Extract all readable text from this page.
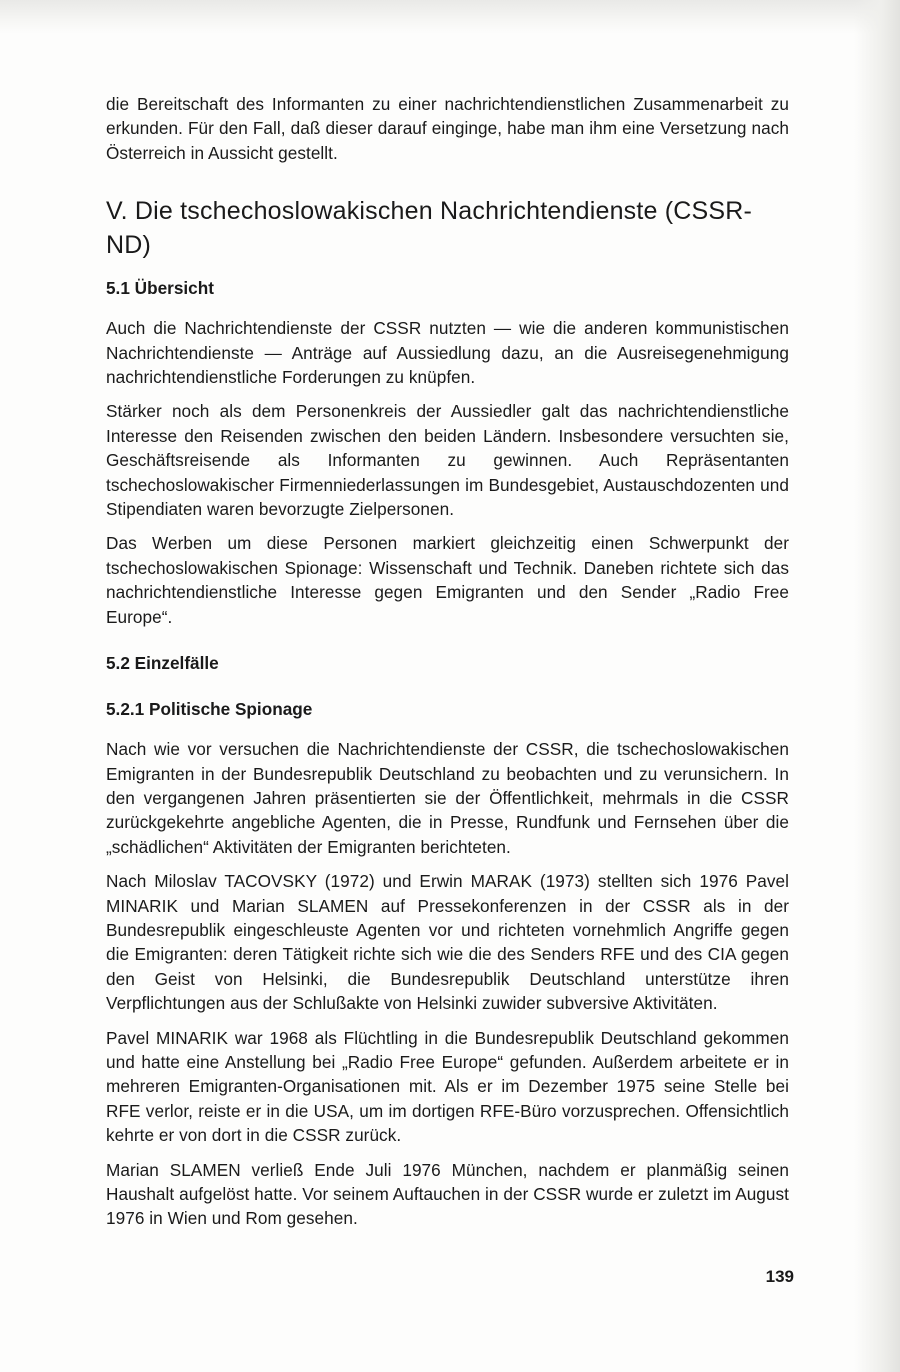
die Bereitschaft des Informanten zu einer nachrichtendienstlichen Zusammenarbeit zu erkunden. Für den Fall, daß dieser darauf einginge, habe man ihm eine Versetzung nach Österreich in Aussicht gestellt.

V. Die tschechoslowakischen Nachrichtendienste (CSSR-ND)
5.1 Übersicht

Auch die Nachrichtendienste der CSSR nutzten — wie die anderen kommunistischen Nachrichtendienste — Anträge auf Aussiedlung dazu, an die Ausreisegenehmigung nachrichtendienstliche Forderungen zu knüpfen.

Stärker noch als dem Personenkreis der Aussiedler galt das nachrichtendienstliche Interesse den Reisenden zwischen den beiden Ländern. Insbesondere versuchten sie, Geschäftsreisende als Informanten zu gewinnen. Auch Repräsentanten tschechoslowakischer Firmenniederlassungen im Bundesgebiet, Austauschdozenten und Stipendiaten waren bevorzugte Zielpersonen.

Das Werben um diese Personen markiert gleichzeitig einen Schwerpunkt der tschechoslowakischen Spionage: Wissenschaft und Technik. Daneben richtete sich das nachrichtendienstliche Interesse gegen Emigranten und den Sender „Radio Free Europe“.

5.2 Einzelfälle
5.2.1 Politische Spionage

Nach wie vor versuchen die Nachrichtendienste der CSSR, die tschechoslowakischen Emigranten in der Bundesrepublik Deutschland zu beobachten und zu verunsichern. In den vergangenen Jahren präsentierten sie der Öffentlichkeit, mehrmals in die CSSR zurückgekehrte angebliche Agenten, die in Presse, Rundfunk und Fernsehen über die „schädlichen“ Aktivitäten der Emigranten berichteten.

Nach Miloslav TACOVSKY (1972) und Erwin MARAK (1973) stellten sich 1976 Pavel MINARIK und Marian SLAMEN auf Pressekonferenzen in der CSSR als in der Bundesrepublik eingeschleuste Agenten vor und richteten vornehmlich Angriffe gegen die Emigranten: deren Tätigkeit richte sich wie die des Senders RFE und des CIA gegen den Geist von Helsinki, die Bundesrepublik Deutschland unterstütze ihren Verpflichtungen aus der Schlußakte von Helsinki zuwider subversive Aktivitäten.

Pavel MINARIK war 1968 als Flüchtling in die Bundesrepublik Deutschland gekommen und hatte eine Anstellung bei „Radio Free Europe“ gefunden. Außerdem arbeitete er in mehreren Emigranten-Organisationen mit. Als er im Dezember 1975 seine Stelle bei RFE verlor, reiste er in die USA, um im dortigen RFE-Büro vorzusprechen. Offensichtlich kehrte er von dort in die CSSR zurück.

Marian SLAMEN verließ Ende Juli 1976 München, nachdem er planmäßig seinen Haushalt aufgelöst hatte. Vor seinem Auftauchen in der CSSR wurde er zuletzt im August 1976 in Wien und Rom gesehen.

139
